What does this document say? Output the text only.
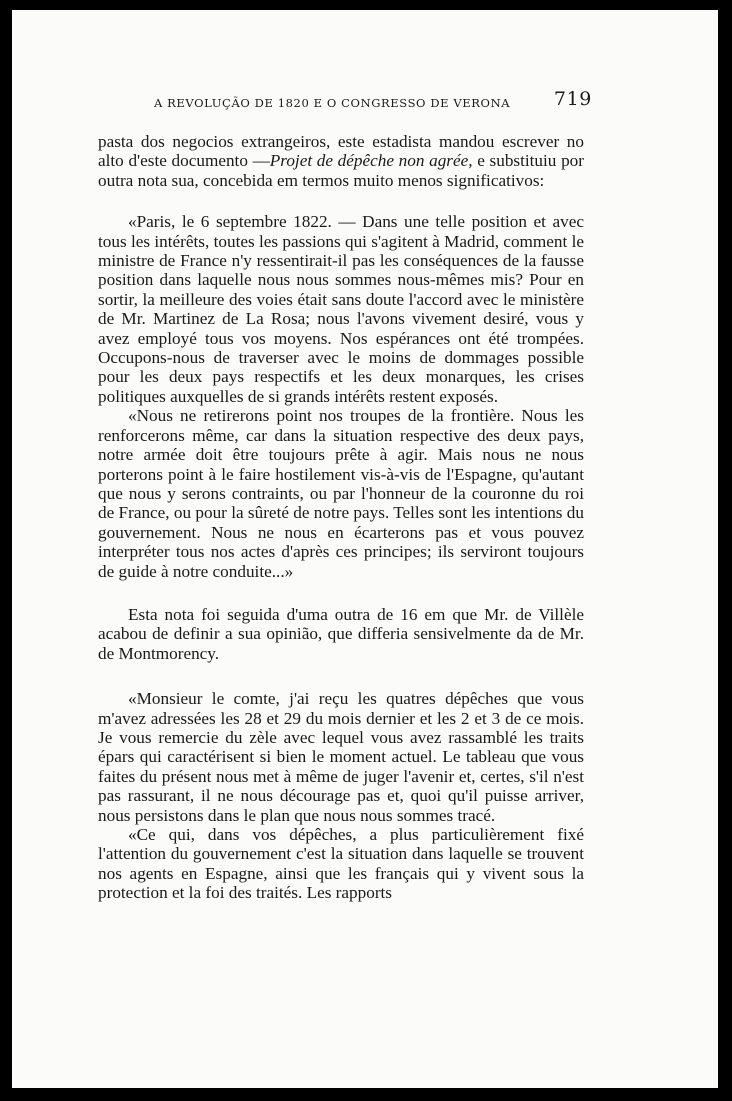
A REVOLUÇÃO DE 1820 E O CONGRESSO DE VERONA 719

pasta dos negocios extrangeiros, este estadista mandou escrever no alto d'este documento —Projet de dépêche non agrée, e substituiu por outra nota sua, concebida em termos muito menos significativos:

«Paris, le 6 septembre 1822. — Dans une telle position et avec tous les intérêts, toutes les passions qui s'agitent à Madrid, comment le ministre de France n'y ressentirait-il pas les conséquences de la fausse position dans laquelle nous nous sommes nous-mêmes mis? Pour en sortir, la meilleure des voies était sans doute l'accord avec le ministère de Mr. Martinez de La Rosa; nous l'avons vivement desiré, vous y avez employé tous vos moyens. Nos espérances ont été trompées. Occupons-nous de traverser avec le moins de dommages possible pour les deux pays respectifs et les deux monarques, les crises politiques auxquelles de si grands intérêts restent exposés.

«Nous ne retirerons point nos troupes de la frontière. Nous les renforcerons même, car dans la situation respective des deux pays, notre armée doit être toujours prête à agir. Mais nous ne nous porterons point à le faire hostilement vis-à-vis de l'Espagne, qu'autant que nous y serons contraints, ou par l'honneur de la couronne du roi de France, ou pour la sûreté de notre pays. Telles sont les intentions du gouvernement. Nous ne nous en écarterons pas et vous pouvez interpréter tous nos actes d'après ces principes; ils serviront toujours de guide à notre conduite...»

Esta nota foi seguida d'uma outra de 16 em que Mr. de Villèle acabou de definir a sua opinião, que differia sensivelmente da de Mr. de Montmorency.

«Monsieur le comte, j'ai reçu les quatres dépêches que vous m'avez adressées les 28 et 29 du mois dernier et les 2 et 3 de ce mois. Je vous remercie du zèle avec lequel vous avez rassamblé les traits épars qui caractérisent si bien le moment actuel. Le tableau que vous faites du présent nous met à même de juger l'avenir et, certes, s'il n'est pas rassurant, il ne nous décourage pas et, quoi qu'il puisse arriver, nous persistons dans le plan que nous nous sommes tracé.

«Ce qui, dans vos dépêches, a plus particulièrement fixé l'attention du gouvernement c'est la situation dans laquelle se trouvent nos agents en Espagne, ainsi que les français qui y vivent sous la protection et la foi des traités. Les rapports
